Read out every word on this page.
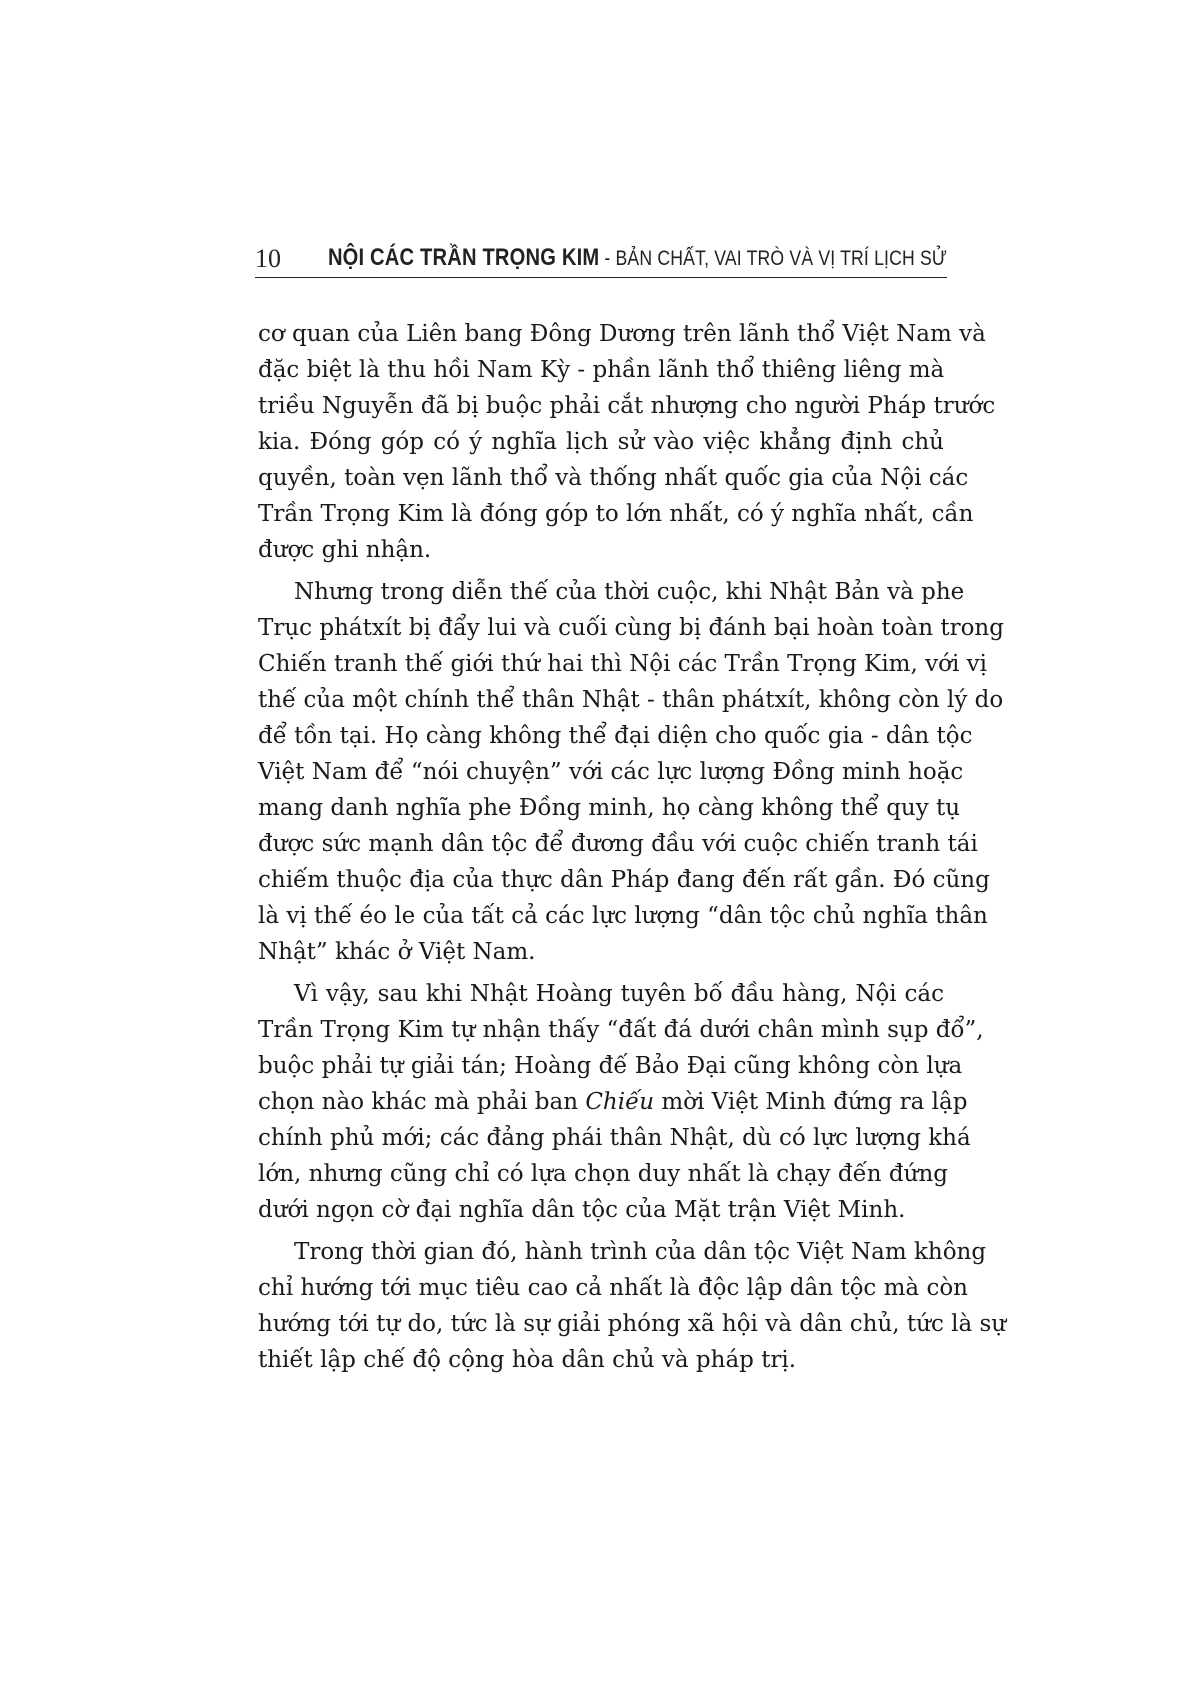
10 NỘI CÁC TRẦN TRỌNG KIM - BẢN CHẤT, VAI TRÒ VÀ VỊ TRÍ LỊCH SỬ
cơ quan của Liên bang Đông Dương trên lãnh thổ Việt Nam và
đặc biệt là thu hồi Nam Kỳ - phần lãnh thổ thiêng liêng mà
triều Nguyễn đã bị buộc phải cắt nhượng cho người Pháp trước
kia. Đóng góp có ý nghĩa lịch sử vào việc khẳng định chủ
quyền, toàn vẹn lãnh thổ và thống nhất quốc gia của Nội các
Trần Trọng Kim là đóng góp to lớn nhất, có ý nghĩa nhất, cần
được ghi nhận.
Nhưng trong diễn thế của thời cuộc, khi Nhật Bản và phe
Trục phátxít bị đẩy lui và cuối cùng bị đánh bại hoàn toàn trong
Chiến tranh thế giới thứ hai thì Nội các Trần Trọng Kim, với vị
thế của một chính thể thân Nhật - thân phátxít, không còn lý do
để tồn tại. Họ càng không thể đại diện cho quốc gia - dân tộc
Việt Nam để “nói chuyện” với các lực lượng Đồng minh hoặc
mang danh nghĩa phe Đồng minh, họ càng không thể quy tụ
được sức mạnh dân tộc để đương đầu với cuộc chiến tranh tái
chiếm thuộc địa của thực dân Pháp đang đến rất gần. Đó cũng
là vị thế éo le của tất cả các lực lượng “dân tộc chủ nghĩa thân
Nhật” khác ở Việt Nam.
Vì vậy, sau khi Nhật Hoàng tuyên bố đầu hàng, Nội các
Trần Trọng Kim tự nhận thấy “đất đá dưới chân mình sụp đổ”,
buộc phải tự giải tán; Hoàng đế Bảo Đại cũng không còn lựa
chọn nào khác mà phải ban Chiếu mời Việt Minh đứng ra lập
chính phủ mới; các đảng phái thân Nhật, dù có lực lượng khá
lớn, nhưng cũng chỉ có lựa chọn duy nhất là chạy đến đứng
dưới ngọn cờ đại nghĩa dân tộc của Mặt trận Việt Minh.
Trong thời gian đó, hành trình của dân tộc Việt Nam không
chỉ hướng tới mục tiêu cao cả nhất là độc lập dân tộc mà còn
hướng tới tự do, tức là sự giải phóng xã hội và dân chủ, tức là sự
thiết lập chế độ cộng hòa dân chủ và pháp trị.
